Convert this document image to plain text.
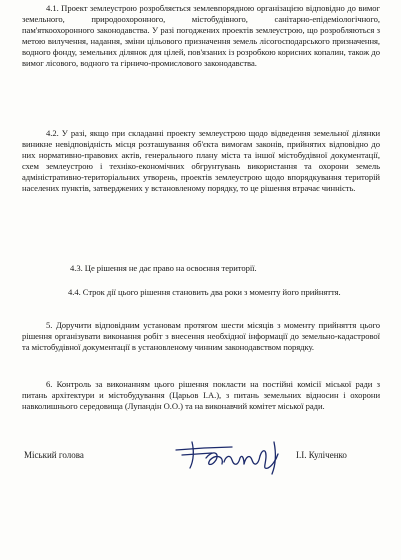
4.1. Проект землеустрою розробляється землевпорядною організацією відповідно до вимог земельного, природоохоронного, містобудівного, санітарно-епідеміологічного, пам'яткоохоронного законодавства. У разі погоджених проектів землеустрою, що розробляються з метою вилучення, надання, зміни цільового призначення земель лісогосподарського призначення, водного фонду, земельних ділянок для цілей, пов'язаних із розробкою корисних копалин, також до вимог лісового, водного та гірничо-промислового законодавства.
4.2. У разі, якщо при складанні проекту землеустрою щодо відведення земельної ділянки виникне невідповідність місця розташування об'єкта вимогам законів, прийнятих відповідно до них нормативно-правових актів, генерального плану міста та іншої містобудівної документації, схем землеустрою і техніко-економічних обгрунтувань використання та охорони земель адміністративно-територіальних утворень, проектів землеустрою щодо впорядкування територій населених пунктів, затверджених у встановленому порядку, то це рішення втрачає чинність.
4.3. Це рішення не дає право на освоєння території.
4.4. Строк дії цього рішення становить два роки з моменту його прийняття.
5. Доручити відповідним установам протягом шести місяців з моменту прийняття цього рішення організувати виконання робіт з внесення необхідної інформації до земельно-кадастрової та містобудівної документації в установленому чинним законодавством порядку.
6. Контроль за виконанням цього рішення покласти на постійні комісії міської ради з питань архітектури и містобудування (Царьов І.А.), з питань земельних відносин і охорони навколишнього середовища (Лупандін О.О.) та на виконавчий комітет міської ради.
Міський голова	І.І. Кулiченко
